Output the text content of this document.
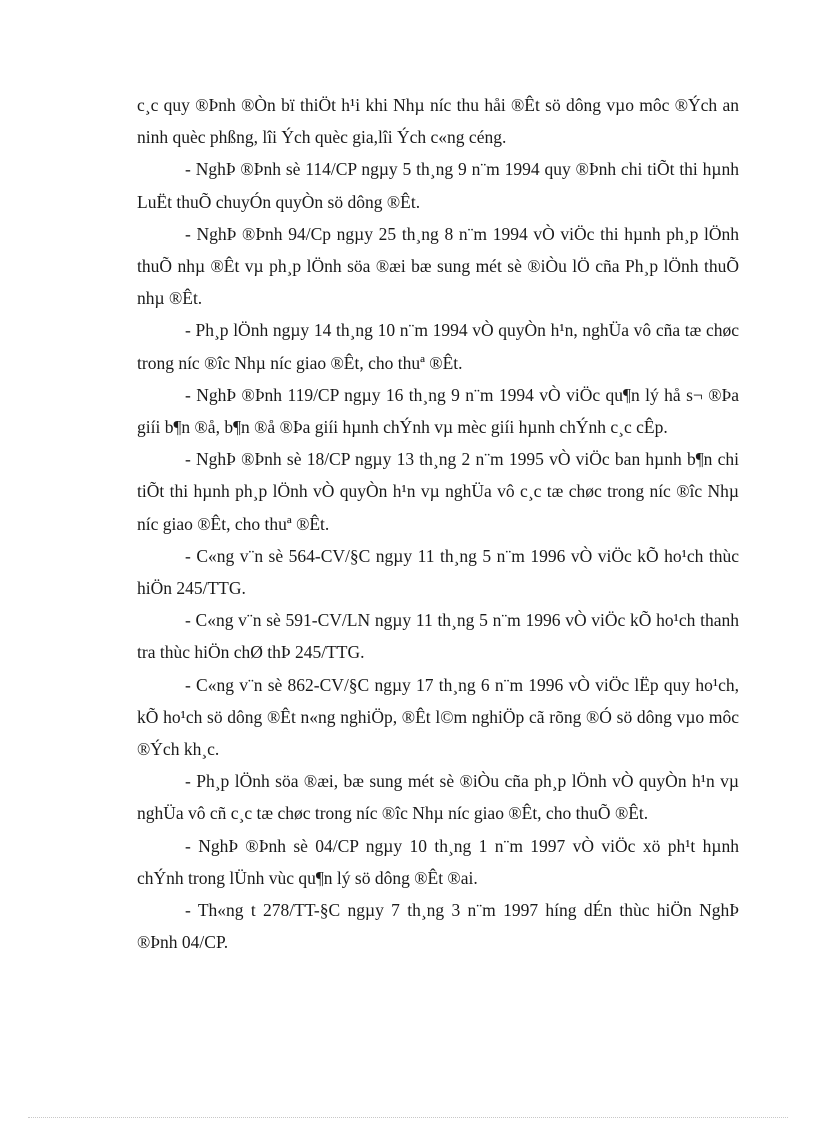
c¸c quy ®Þnh ®Òn bï thiÖt h¹i khi Nhµ níc thu håi ®Êt sö dông vµo môc ®Ých an ninh quèc phßng, lîi Ých quèc gia,lîi Ých c«ng céng.

- NghÞ ®Þnh sè 114/CP ngµy 5 th¸ng 9 n¨m 1994 quy ®Þnh chi tiÕt thi hµnh LuËt thuÕ chuyÓn quyÒn sö dông ®Êt.

- NghÞ ®Þnh 94/Cp ngµy 25 th¸ng 8 n¨m 1994 vÒ viÖc thi hµnh ph¸p lÖnh thuÕ nhµ ®Êt vµ ph¸p lÖnh söa ®æi bæ sung mét sè ®iÒu lÖ cña Ph¸p lÖnh thuÕ nhµ ®Êt.

- Ph¸p lÖnh ngµy 14 th¸ng 10 n¨m 1994 vÒ quyÒn h¹n, nghÜa vô cña tæ chøc trong níc ®îc Nhµ níc giao ®Êt, cho thuª ®Êt.

- NghÞ ®Þnh 119/CP ngµy 16 th¸ng 9 n¨m 1994 vÒ viÖc qu¶n lý hå s¬ ®Þa giíi b¶n ®å, b¶n ®å ®Þa giíi hµnh chÝnh vµ mèc giíi hµnh chÝnh c¸c cÊp.

- NghÞ ®Þnh sè 18/CP ngµy 13 th¸ng 2 n¨m 1995 vÒ viÖc ban hµnh b¶n chi tiÕt thi hµnh ph¸p lÖnh vÒ quyÒn h¹n vµ nghÜa vô c¸c tæ chøc trong níc ®îc Nhµ níc giao ®Êt, cho thuª ®Êt.

- C«ng v¨n sè 564-CV/§C ngµy 11 th¸ng 5 n¨m 1996 vÒ viÖc kÕ ho¹ch thùc hiÖn 245/TTG.

- C«ng v¨n sè 591-CV/LN ngµy 11 th¸ng 5 n¨m 1996 vÒ viÖc kÕ ho¹ch thanh tra thùc hiÖn chØ thÞ 245/TTG.

- C«ng v¨n sè 862-CV/§C ngµy 17 th¸ng 6 n¨m 1996 vÒ viÖc lËp quy ho¹ch, kÕ ho¹ch sö dông ®Êt n«ng nghiÖp, ®Êt l©m nghiÖp cã rõng ®Ó sö dông vµo môc ®Ých kh¸c.

- Ph¸p lÖnh söa ®æi, bæ sung mét sè ®iÒu cña ph¸p lÖnh vÒ quyÒn h¹n vµ nghÜa vô cñ c¸c tæ chøc trong níc ®îc Nhµ níc giao ®Êt, cho thuÕ ®Êt.

- NghÞ ®Þnh sè 04/CP ngµy 10 th¸ng 1 n¨m 1997 vÒ viÖc xö ph¹t hµnh chÝnh trong lÜnh vùc qu¶n lý sö dông ®Êt ®ai.

- Th«ng t 278/TT-§C ngµy 7 th¸ng 3 n¨m 1997 híng dÉn thùc hiÖn NghÞ ®Þnh 04/CP.
